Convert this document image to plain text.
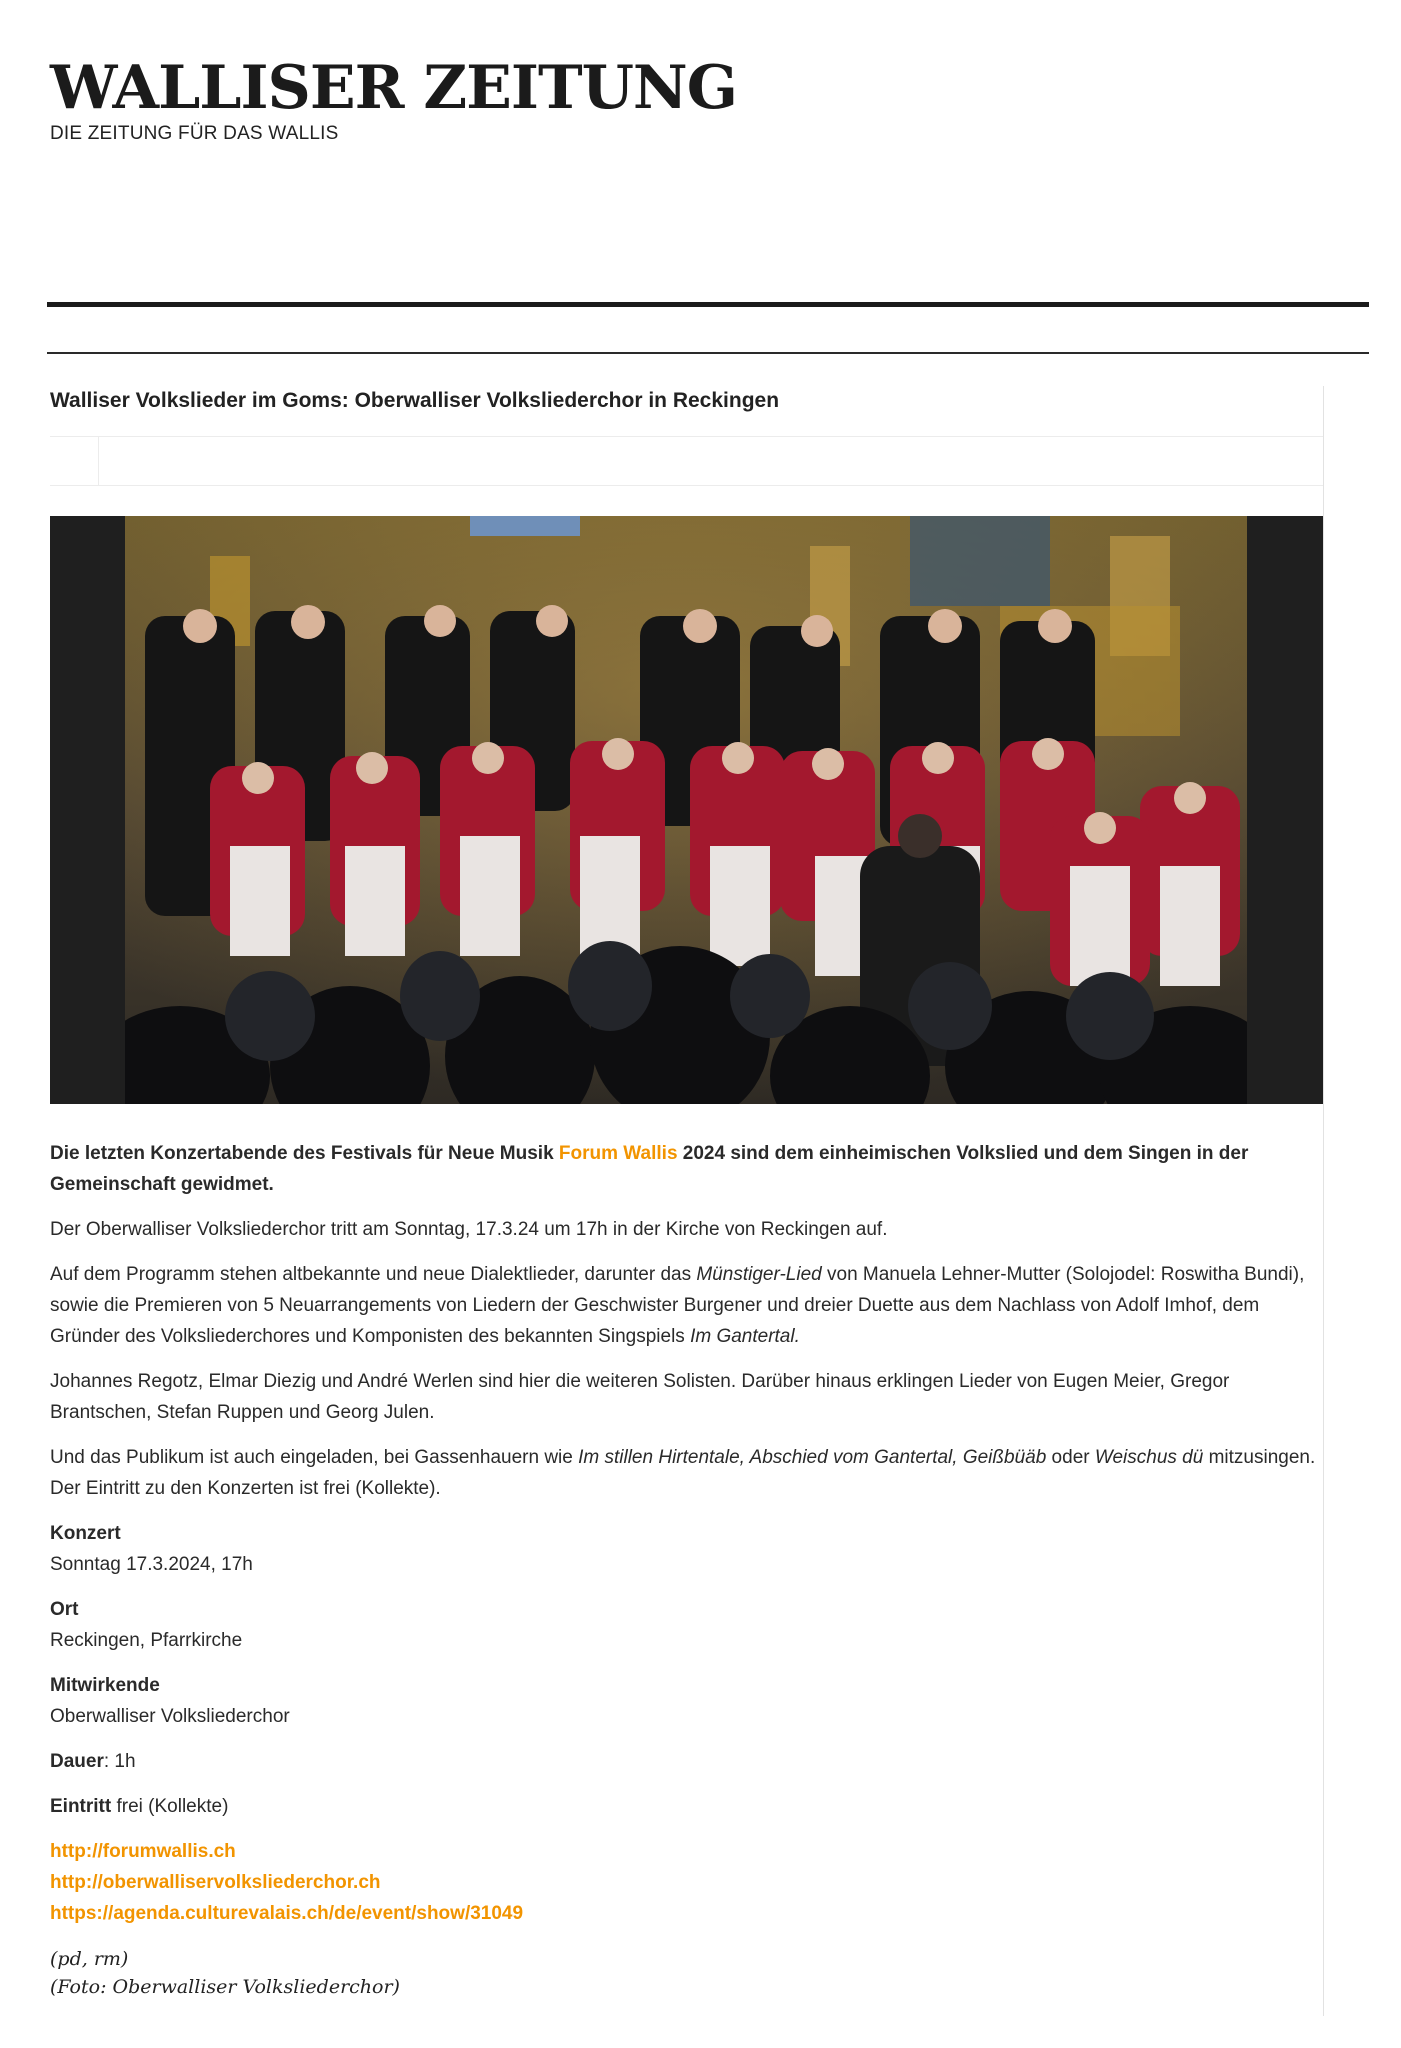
WALLISER ZEITUNG
DIE ZEITUNG FÜR DAS WALLIS
Walliser Volkslieder im Goms: Oberwalliser Volksliederchor in Reckingen

Die letzten Konzertabende des Festivals für Neue Musik Forum Wallis 2024 sind dem einheimischen Volkslied und dem Singen in der Gemeinschaft gewidmet.

Der Oberwalliser Volksliederchor tritt am Sonntag, 17.3.24 um 17h in der Kirche von Reckingen auf.

Auf dem Programm stehen altbekannte und neue Dialektlieder, darunter das Münstiger-Lied von Manuela Lehner-Mutter (Solojodel: Roswitha Bundi), sowie die Premieren von 5 Neuarrangements von Liedern der Geschwister Burgener und dreier Duette aus dem Nachlass von Adolf Imhof, dem Gründer des Volksliederchores und Komponisten des bekannten Singspiels Im Gantertal.

Johannes Regotz, Elmar Diezig und André Werlen sind hier die weiteren Solisten. Darüber hinaus erklingen Lieder von Eugen Meier, Gregor Brantschen, Stefan Ruppen und Georg Julen.

Und das Publikum ist auch eingeladen, bei Gassenhauern wie Im stillen Hirtentale, Abschied vom Gantertal, Geißbüäb oder Weischus dü mitzusingen. Der Eintritt zu den Konzerten ist frei (Kollekte).

Konzert
Sonntag 17.3.2024, 17h
Ort
Reckingen, Pfarrkirche
Mitwirkende
Oberwalliser Volksliederchor
Dauer: 1h
Eintritt frei (Kollekte)
http://forumwallis.ch
http://oberwalliservolksliederchor.ch
https://agenda.culturevalais.ch/de/event/show/31049
(pd, rm)
(Foto: Oberwalliser Volksliederchor)
